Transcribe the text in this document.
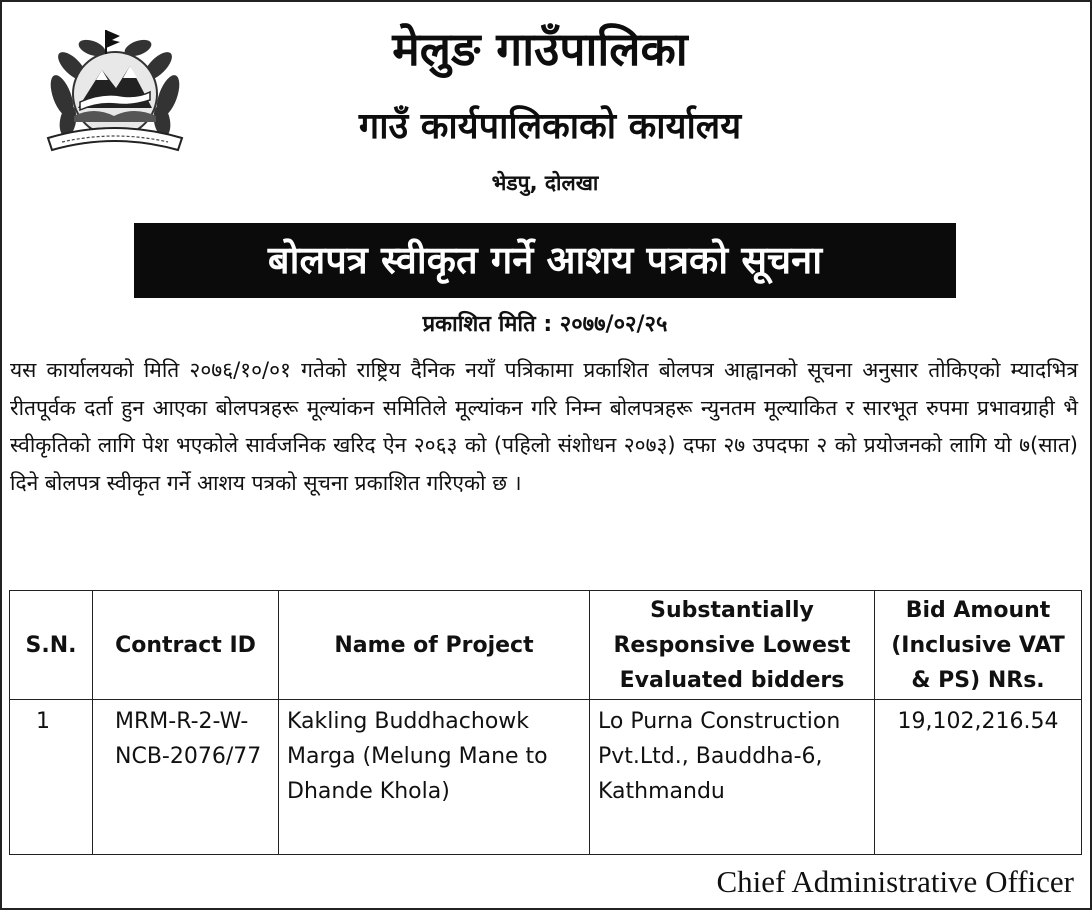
मेलुङ गाउँपालिका
गाउँ कार्यपालिकाको कार्यालय
भेडपु, दोलखा
बोलपत्र स्वीकृत गर्ने आशय पत्रको सूचना
प्रकाशित मिति : २०७७/०२/२५
यस कार्यालयको मिति २०७६/१०/०१ गतेको राष्ट्रिय दैनिक नयाँ पत्रिकामा प्रकाशित बोलपत्र आह्वानको सूचना अनुसार तोकिएको म्यादभित्र रीतपूर्वक दर्ता हुन आएका बोलपत्रहरू मूल्यांकन समितिले मूल्यांकन गरि निम्न बोलपत्रहरू न्युनतम मूल्याकित र सारभूत रुपमा प्रभावग्राही भै स्वीकृतिको लागि पेश भएकोले सार्वजनिक खरिद ऐन २०६३ को (पहिलो संशोधन २०७३) दफा २७ उपदफा २ को प्रयोजनको लागि यो ७(सात) दिने बोलपत्र स्वीकृत गर्ने आशय पत्रको सूचना प्रकाशित गरिएको छ ।
S.N.	Contract ID	Name of Project	Substantially Responsive Lowest Evaluated bidders	Bid Amount (Inclusive VAT & PS) NRs.
1	MRM-R-2-W-NCB-2076/77	Kakling Buddhachowk Marga (Melung Mane to Dhande Khola)	Lo Purna Construction Pvt.Ltd., Bauddha-6, Kathmandu	19,102,216.54
Chief Administrative Officer
